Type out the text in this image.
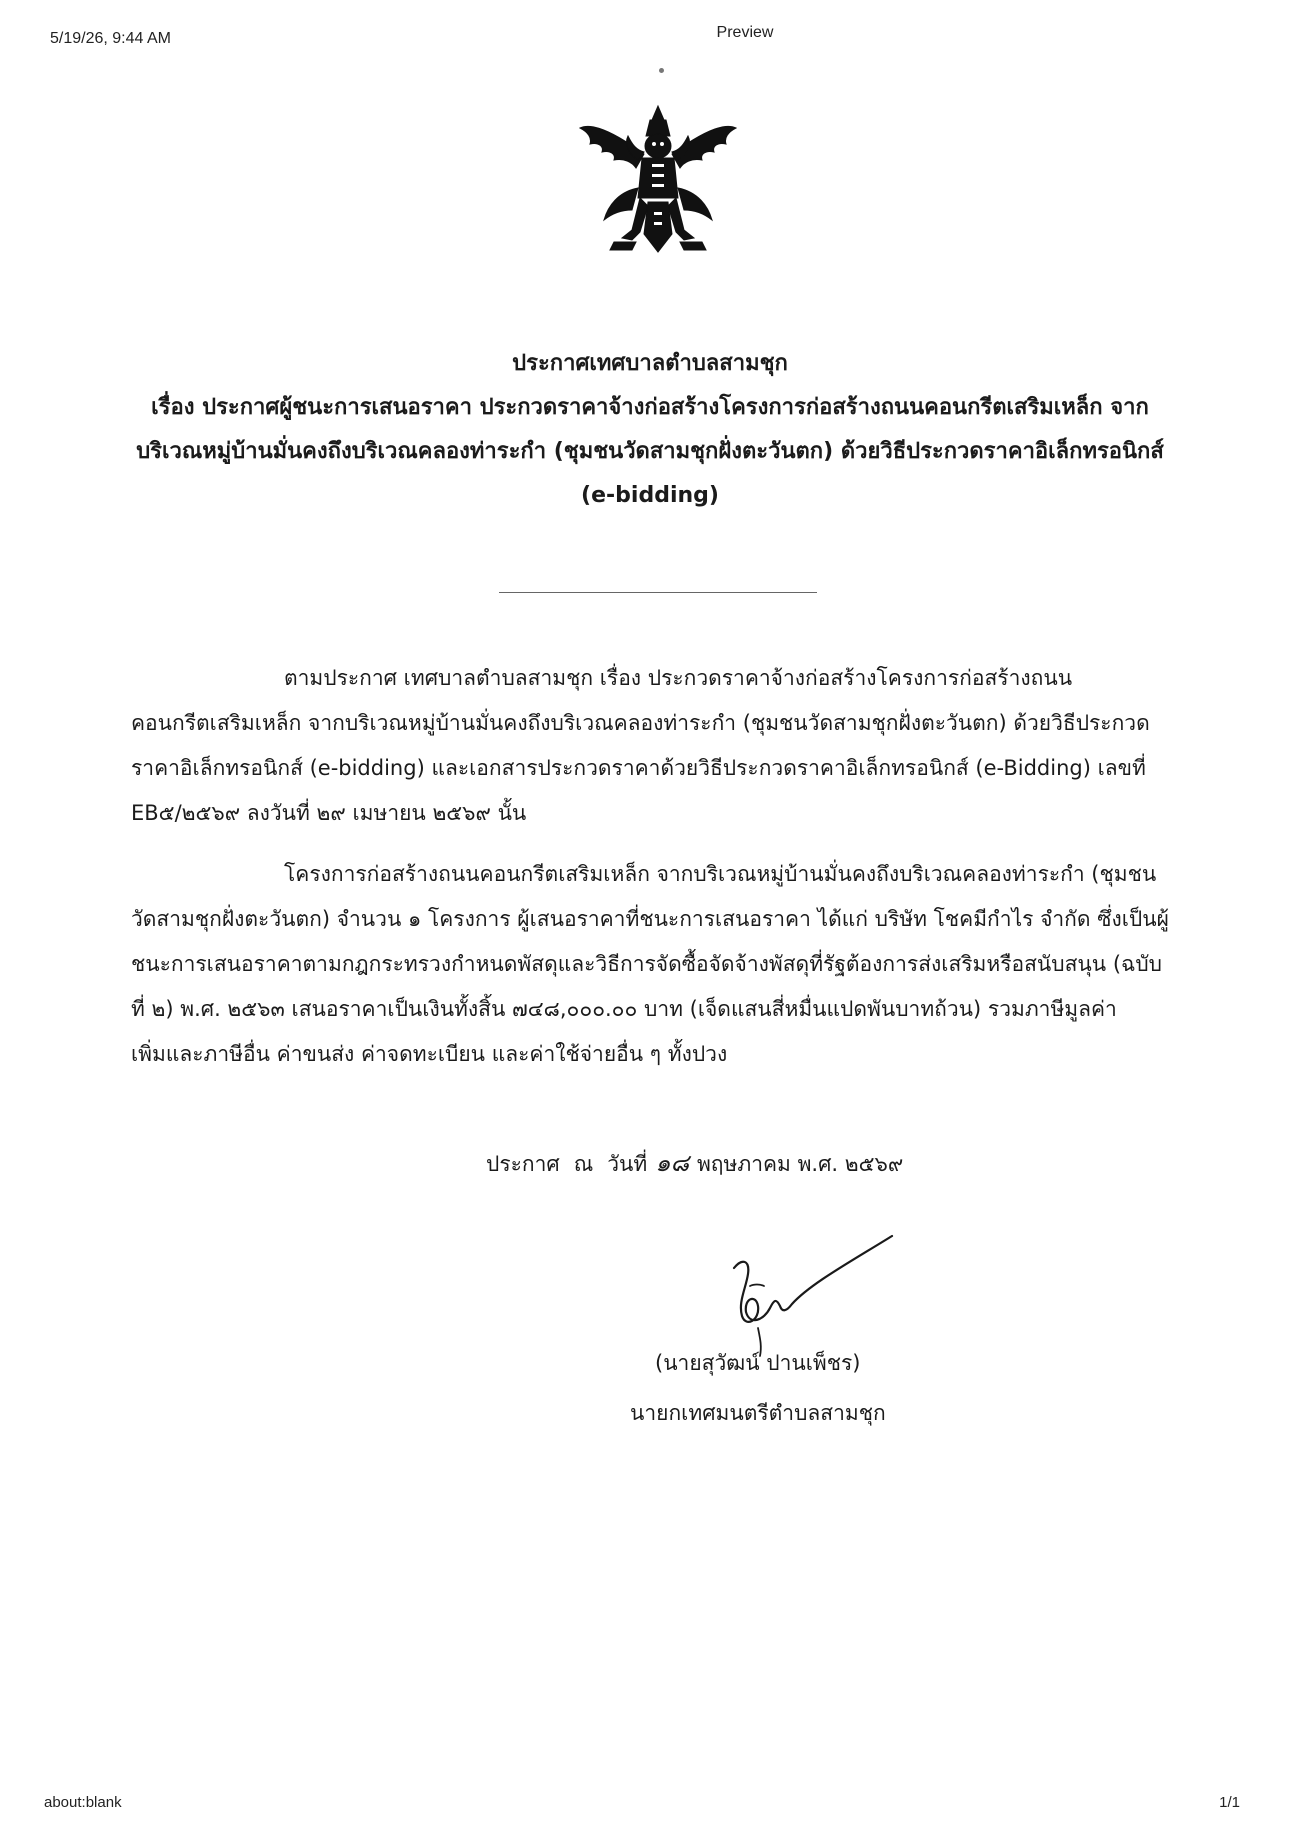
5/19/26, 9:44 AM	Preview
about:blank	1/1
ประกาศเทศบาลตำบลสามชุก
เรื่อง ประกาศผู้ชนะการเสนอราคา ประกวดราคาจ้างก่อสร้างโครงการก่อสร้างถนนคอนกรีตเสริมเหล็ก จาก
บริเวณหมู่บ้านมั่นคงถึงบริเวณคลองท่าระกำ (ชุมชนวัดสามชุกฝั่งตะวันตก) ด้วยวิธีประกวดราคาอิเล็กทรอนิกส์
(e-bidding)
ตามประกาศ เทศบาลตำบลสามชุก เรื่อง ประกวดราคาจ้างก่อสร้างโครงการก่อสร้างถนน
คอนกรีตเสริมเหล็ก จากบริเวณหมู่บ้านมั่นคงถึงบริเวณคลองท่าระกำ (ชุมชนวัดสามชุกฝั่งตะวันตก) ด้วยวิธีประกวด
ราคาอิเล็กทรอนิกส์ (e-bidding) และเอกสารประกวดราคาด้วยวิธีประกวดราคาอิเล็กทรอนิกส์ (e-Bidding) เลขที่
EB๕/๒๕๖๙ ลงวันที่ ๒๙ เมษายน ๒๕๖๙ นั้น
โครงการก่อสร้างถนนคอนกรีตเสริมเหล็ก จากบริเวณหมู่บ้านมั่นคงถึงบริเวณคลองท่าระกำ (ชุมชน
วัดสามชุกฝั่งตะวันตก) จำนวน ๑ โครงการ ผู้เสนอราคาที่ชนะการเสนอราคา ได้แก่ บริษัท โชคมีกำไร จำกัด ซึ่งเป็นผู้
ชนะการเสนอราคาตามกฎกระทรวงกำหนดพัสดุและวิธีการจัดซื้อจัดจ้างพัสดุที่รัฐต้องการส่งเสริมหรือสนับสนุน (ฉบับ
ที่ ๒) พ.ศ. ๒๕๖๓ เสนอราคาเป็นเงินทั้งสิ้น ๗๔๘,๐๐๐.๐๐ บาท (เจ็ดแสนสี่หมื่นแปดพันบาทถ้วน) รวมภาษีมูลค่า
เพิ่มและภาษีอื่น ค่าขนส่ง ค่าจดทะเบียน และค่าใช้จ่ายอื่น ๆ ทั้งปวง
ประกาศ ณ วันที่ ๑๘ พฤษภาคม พ.ศ. ๒๕๖๙
(นายสุวัฒน์ ปานเพ็ชร)
นายกเทศมนตรีตำบลสามชุก
